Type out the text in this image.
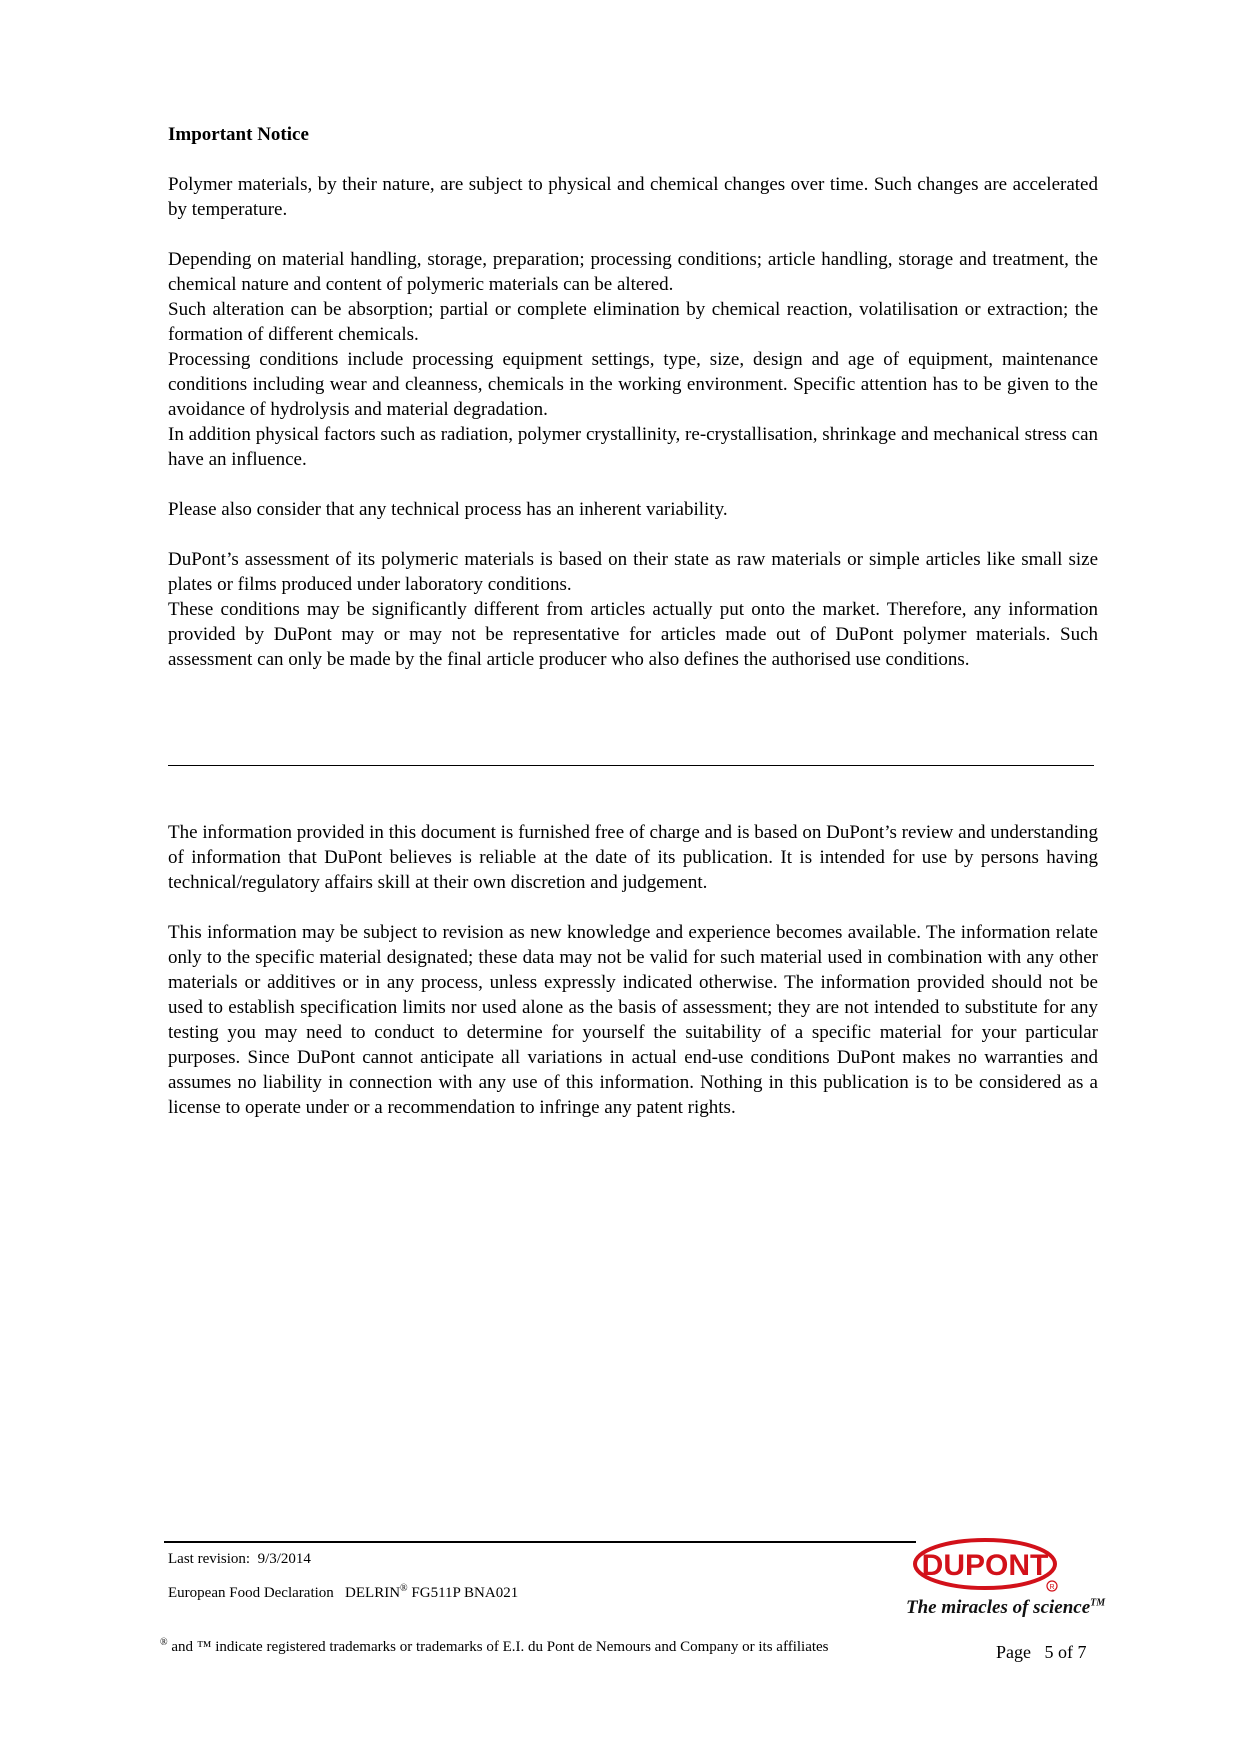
Important Notice

Polymer materials, by their nature, are subject to physical and chemical changes over time. Such changes are accelerated by temperature.

Depending on material handling, storage, preparation; processing conditions; article handling, storage and treatment, the chemical nature and content of polymeric materials can be altered.

Such alteration can be absorption; partial or complete elimination by chemical reaction, volatilisation or extraction; the formation of different chemicals.

Processing conditions include processing equipment settings, type, size, design and age of equipment, maintenance conditions including wear and cleanness, chemicals in the working environment. Specific attention has to be given to the avoidance of hydrolysis and material degradation.

In addition physical factors such as radiation, polymer crystallinity, re-crystallisation, shrinkage and mechanical stress can have an influence.

Please also consider that any technical process has an inherent variability.

DuPont’s assessment of its polymeric materials is based on their state as raw materials or simple articles like small size plates or films produced under laboratory conditions.

These conditions may be significantly different from articles actually put onto the market. Therefore, any information provided by DuPont may or may not be representative for articles made out of DuPont polymer materials. Such assessment can only be made by the final article producer who also defines the authorised use conditions.

The information provided in this document is furnished free of charge and is based on DuPont’s review and understanding of information that DuPont believes is reliable at the date of its publication. It is intended for use by persons having technical/regulatory affairs skill at their own discretion and judgement.

This information may be subject to revision as new knowledge and experience becomes available. The information relate only to the specific material designated; these data may not be valid for such material used in combination with any other materials or additives or in any process, unless expressly indicated otherwise. The information provided should not be used to establish specification limits nor used alone as the basis of assessment; they are not intended to substitute for any testing you may need to conduct to determine for yourself the suitability of a specific material for your particular purposes. Since DuPont cannot anticipate all variations in actual end-use conditions DuPont makes no warranties and assumes no liability in connection with any use of this information. Nothing in this publication is to be considered as a license to operate under or a recommendation to infringe any patent rights.

Last revision: 9/3/2014
European Food Declaration DELRIN® FG511P BNA021
® and ™ indicate registered trademarks or trademarks of E.I. du Pont de Nemours and Company or its affiliates
DUPONT
R
The miracles of science™
Page 5 of 7
